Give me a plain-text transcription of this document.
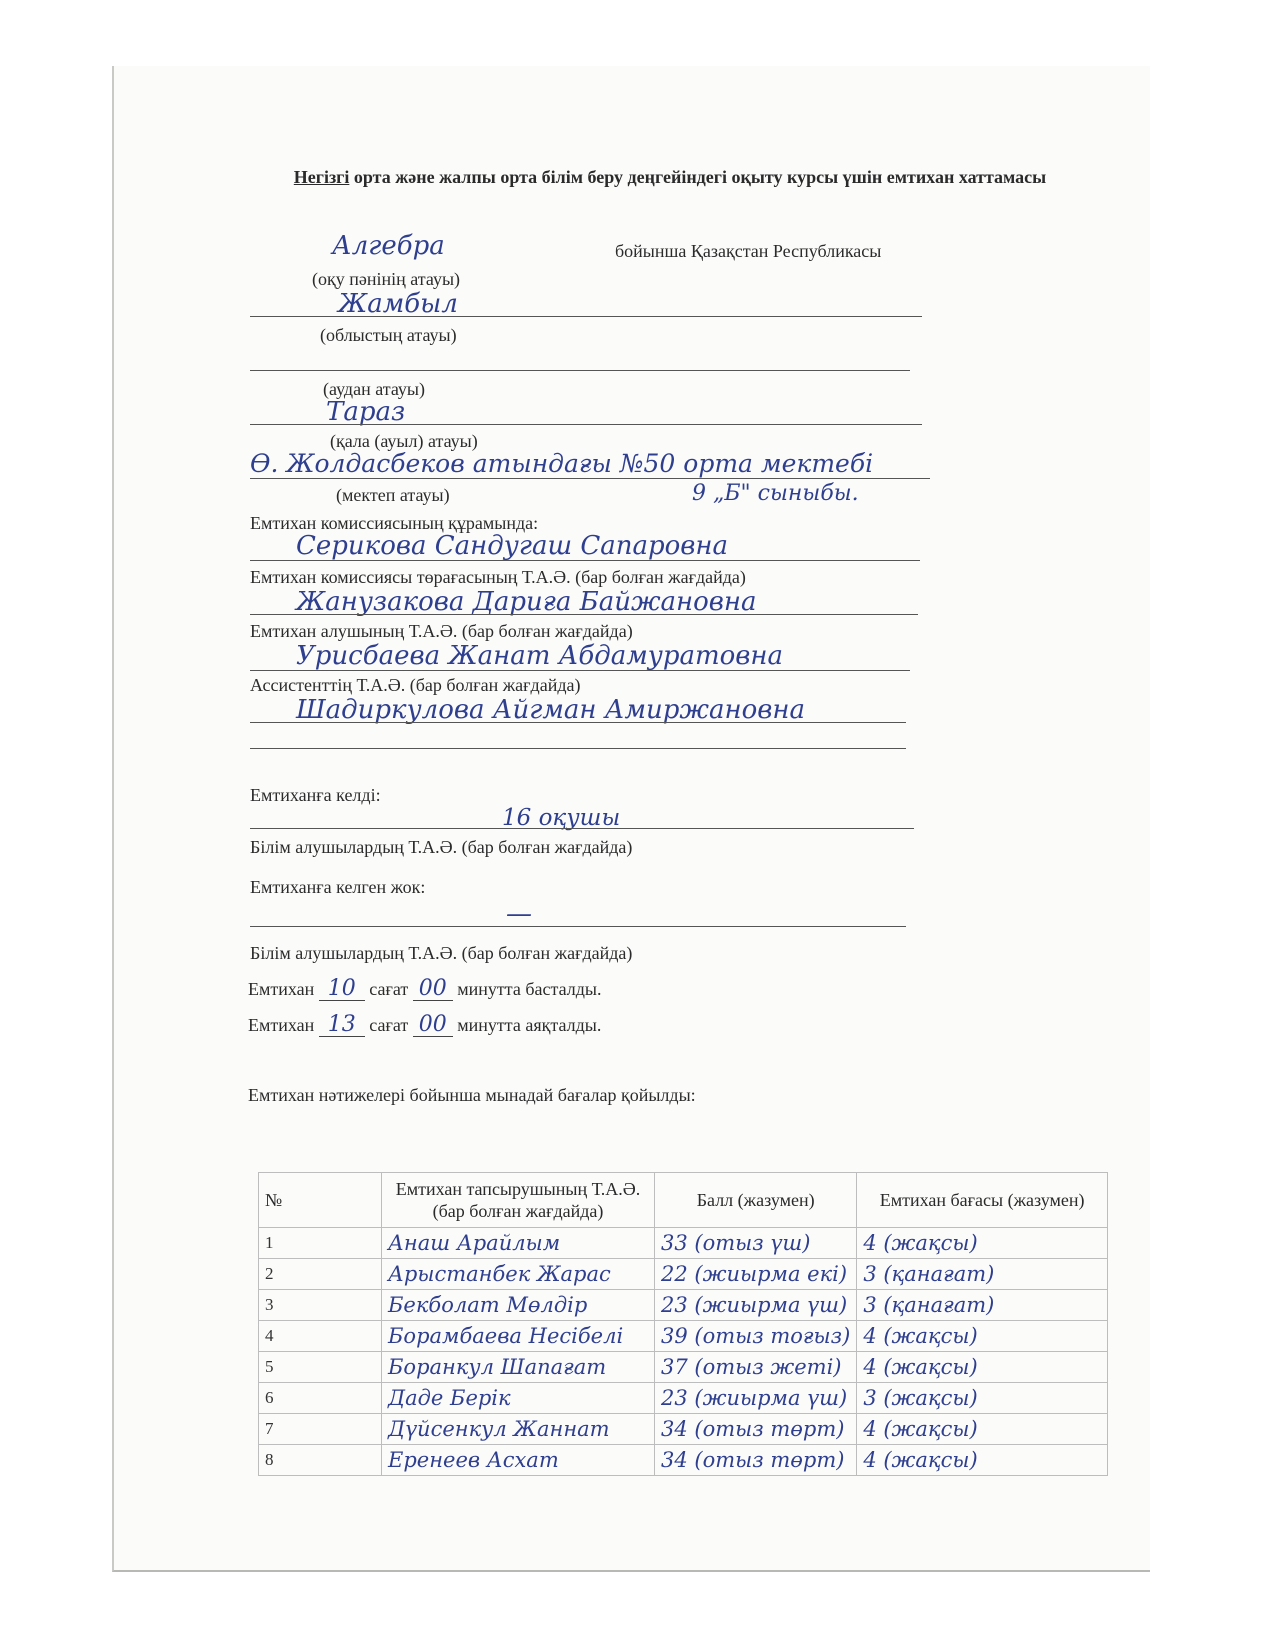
Негізгі орта және жалпы орта білім беру деңгейіндегі оқыту курсы үшін емтихан хаттамасы
Алгебра	бойынша Қазақстан Республикасы
(оқу пәнінің атауы)
Жамбыл
(облыстың атауы)
(аудан атауы)
Тараз
(қала (ауыл) атауы)
Ө. Жолдасбеков атындағы №50 орта мектебі
(мектеп атауы)	9 „Б" сыныбы.
Емтихан комиссиясының құрамында:
Серикова Сандугаш Сапаровна
Емтихан комиссиясы төрағасының Т.А.Ә. (бар болған жағдайда)
Жанузакова Дариға Байжановна
Емтихан алушының Т.А.Ә. (бар болған жағдайда)
Урисбаева Жанат Абдамуратовна
Ассистенттің Т.А.Ә. (бар болған жағдайда)
Шадиркулова Айгман Амиржановна
Емтиханға келді:
16 оқушы
Білім алушылардың Т.А.Ә. (бар болған жағдайда)
Емтиханға келген жок:
—
Білім алушылардың Т.А.Ә. (бар болған жағдайда)
Емтихан 10 сағат 00 минутта басталды.
Емтихан 13 сағат 00 минутта аяқталды.
Емтихан нәтижелері бойынша мынадай бағалар қойылды:
№	Емтихан тапсырушының Т.А.Ә. (бар болған жағдайда)	Балл (жазумен)	Емтихан бағасы (жазумен)
1	Анаш Арайлым	33 (отыз үш)	4 (жақсы)
2	Арыстанбек Жарас	22 (жиырма екі)	3 (қанағат)
3	Бекболат Мөлдір	23 (жиырма үш)	3 (қанағат)
4	Борамбаева Несібелі	39 (отыз тоғыз)	4 (жақсы)
5	Боранкул Шапағат	37 (отыз жеті)	4 (жақсы)
6	Даде Берік	23 (жиырма үш)	3 (жақсы)
7	Дүйсенкул Жаннат	34 (отыз төрт)	4 (жақсы)
8	Еренеев Асхат	34 (отыз төрт)	4 (жақсы)
